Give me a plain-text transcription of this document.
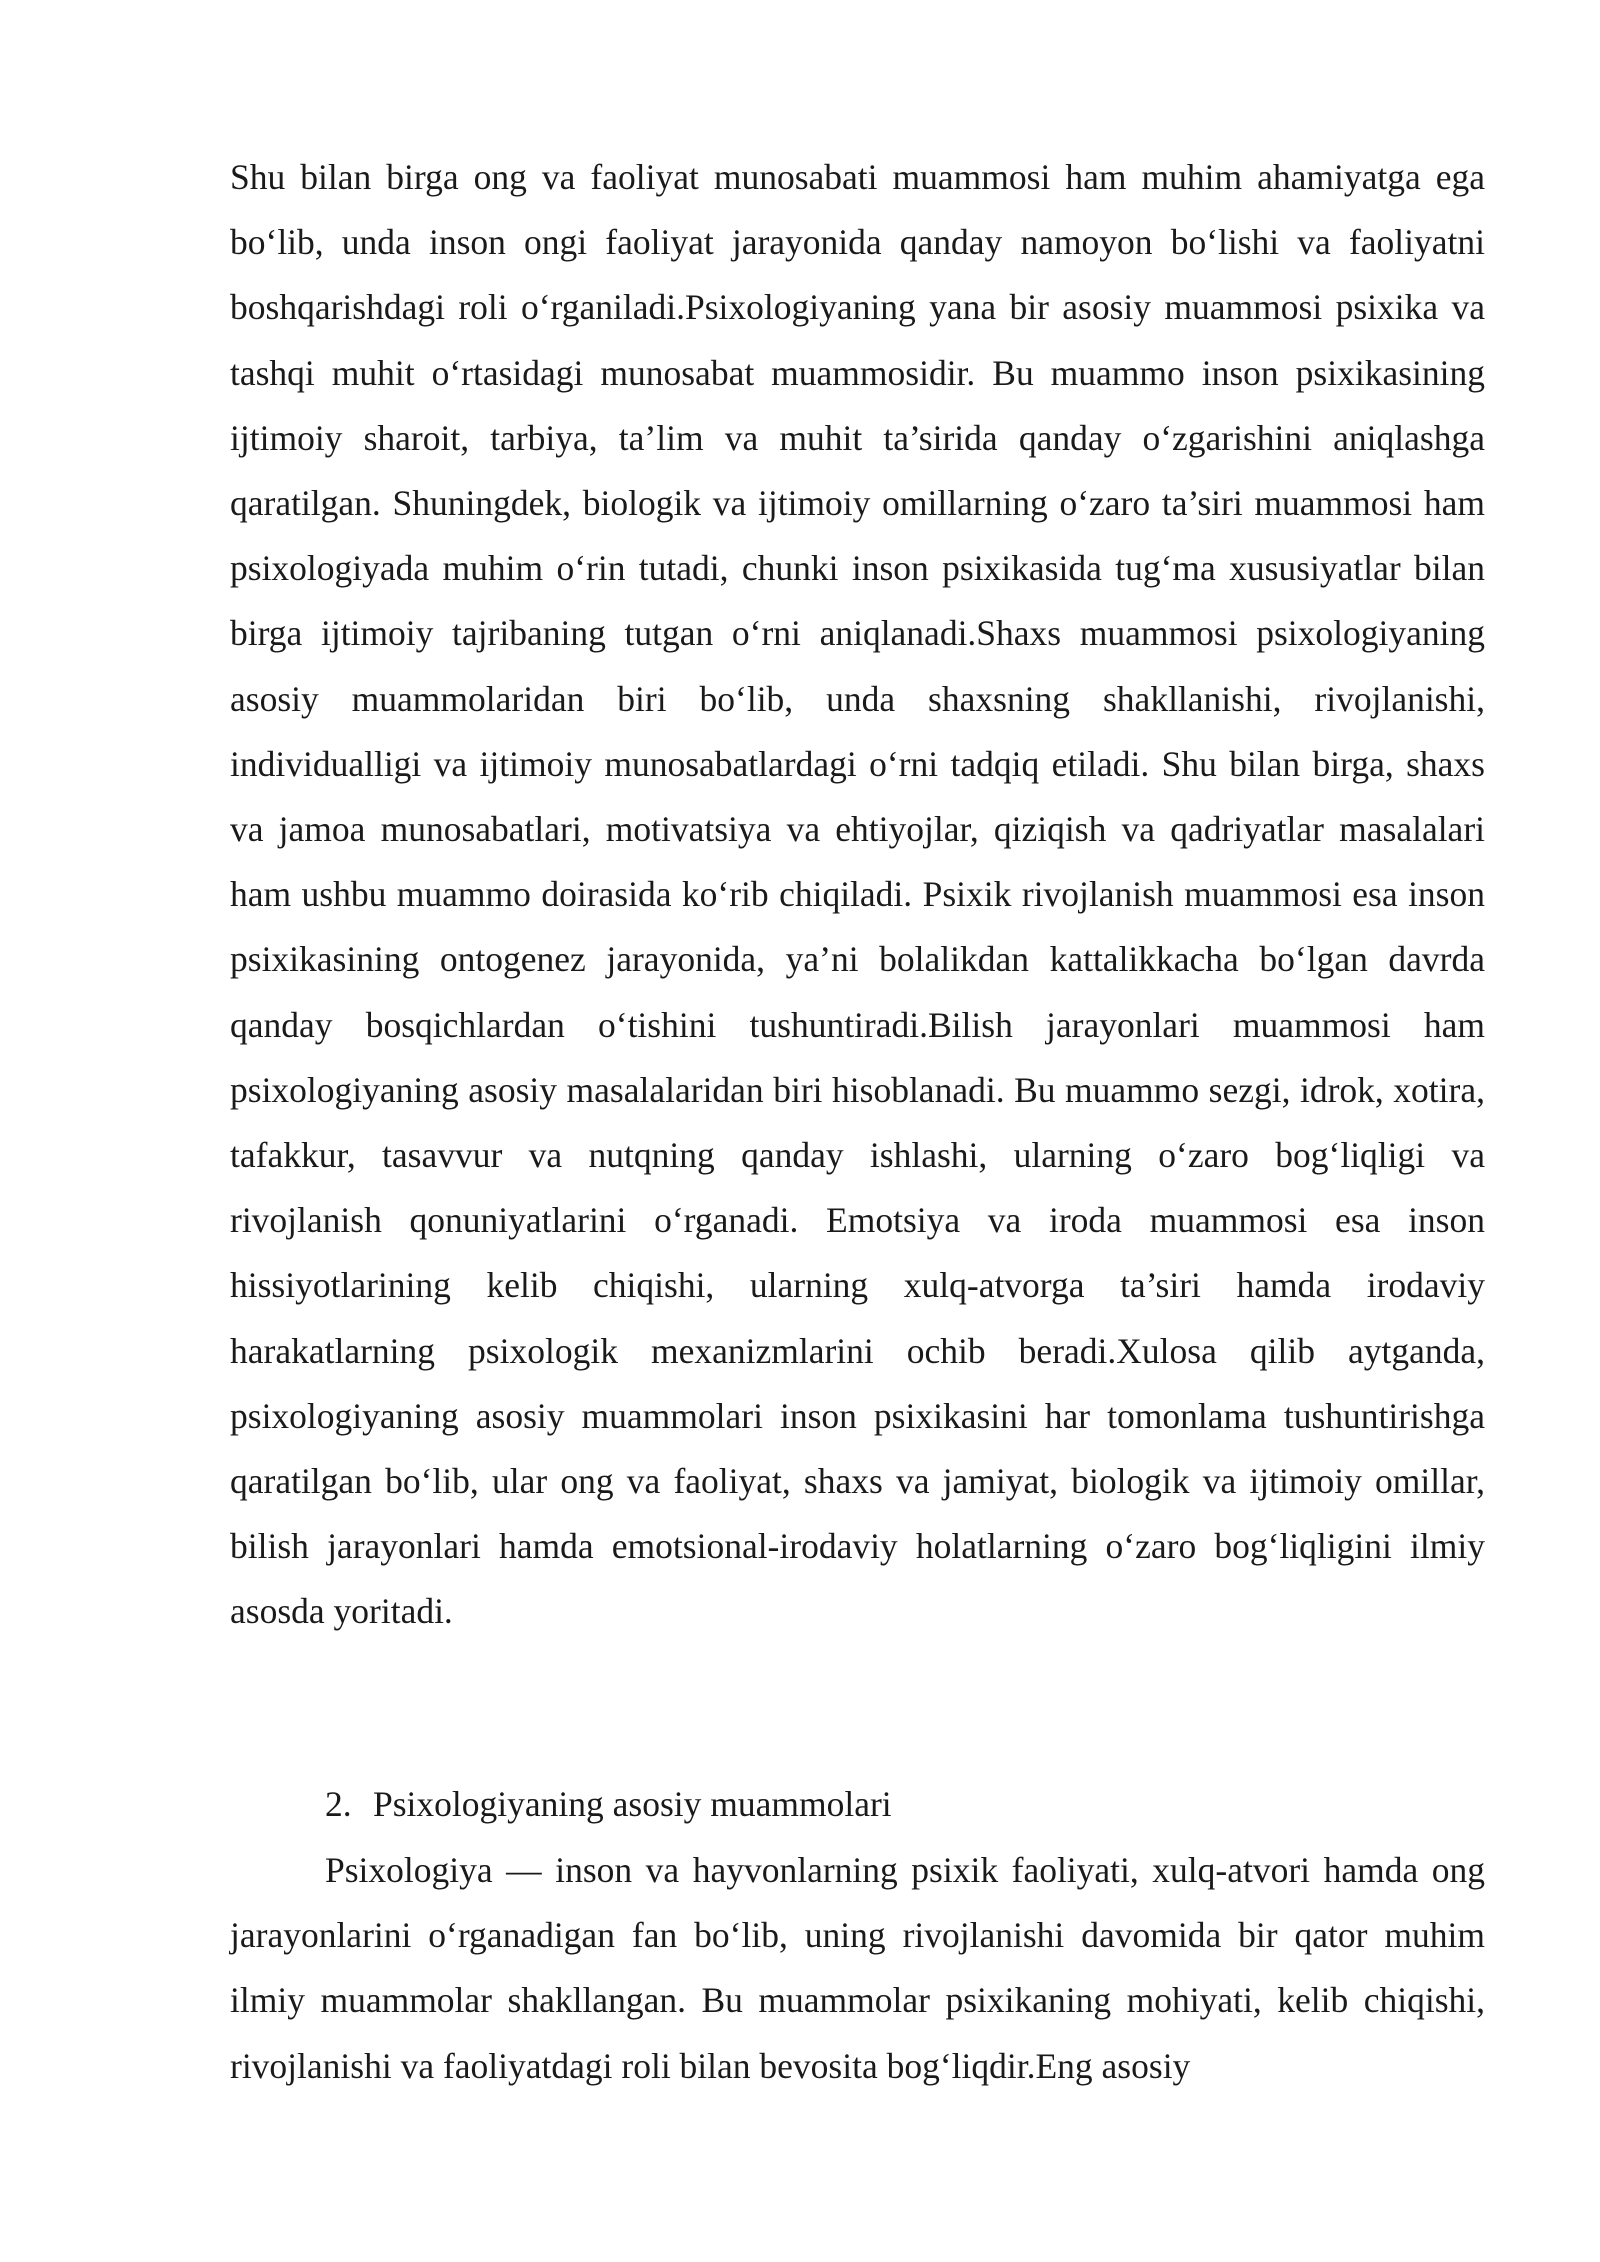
Shu bilan birga ong va faoliyat munosabati muammosi ham muhim ahamiyatga ega bo‘lib, unda inson ongi faoliyat jarayonida qanday namoyon bo‘lishi va faoliyatni boshqarishdagi roli o‘rganiladi.Psixologiyaning yana bir asosiy muammosi psixika va tashqi muhit o‘rtasidagi munosabat muammosidir. Bu muammo inson psixikasining ijtimoiy sharoit, tarbiya, ta’lim va muhit ta’sirida qanday o‘zgarishini aniqlashga qaratilgan. Shuningdek, biologik va ijtimoiy omillarning o‘zaro ta’siri muammosi ham psixologiyada muhim o‘rin tutadi, chunki inson psixikasida tug‘ma xususiyatlar bilan birga ijtimoiy tajribaning tutgan o‘rni aniqlanadi.Shaxs muammosi psixologiyaning asosiy muammolaridan biri bo‘lib, unda shaxsning shakllanishi, rivojlanishi, individualligi va ijtimoiy munosabatlardagi o‘rni tadqiq etiladi. Shu bilan birga, shaxs va jamoa munosabatlari, motivatsiya va ehtiyojlar, qiziqish va qadriyatlar masalalari ham ushbu muammo doirasida ko‘rib chiqiladi. Psixik rivojlanish muammosi esa inson psixikasining ontogenez jarayonida, ya’ni bolalikdan kattalikkacha bo‘lgan davrda qanday bosqichlardan o‘tishini tushuntiradi.Bilish jarayonlari muammosi ham psixologiyaning asosiy masalalaridan biri hisoblanadi. Bu muammo sezgi, idrok, xotira, tafakkur, tasavvur va nutqning qanday ishlashi, ularning o‘zaro bog‘liqligi va rivojlanish qonuniyatlarini o‘rganadi. Emotsiya va iroda muammosi esa inson hissiyotlarining kelib chiqishi, ularning xulq-atvorga ta’siri hamda irodaviy harakatlarning psixologik mexanizmlarini ochib beradi.Xulosa qilib aytganda, psixologiyaning asosiy muammolari inson psixikasini har tomonlama tushuntirishga qaratilgan bo‘lib, ular ong va faoliyat, shaxs va jamiyat, biologik va ijtimoiy omillar, bilish jarayonlari hamda emotsional-irodaviy holatlarning o‘zaro bog‘liqligini ilmiy asosda yoritadi.

2. Psixologiyaning asosiy muammolari

Psixologiya — inson va hayvonlarning psixik faoliyati, xulq-atvori hamda ong jarayonlarini o‘rganadigan fan bo‘lib, uning rivojlanishi davomida bir qator muhim ilmiy muammolar shakllangan. Bu muammolar psixikaning mohiyati, kelib chiqishi, rivojlanishi va faoliyatdagi roli bilan bevosita bog‘liqdir.Eng asosiy
